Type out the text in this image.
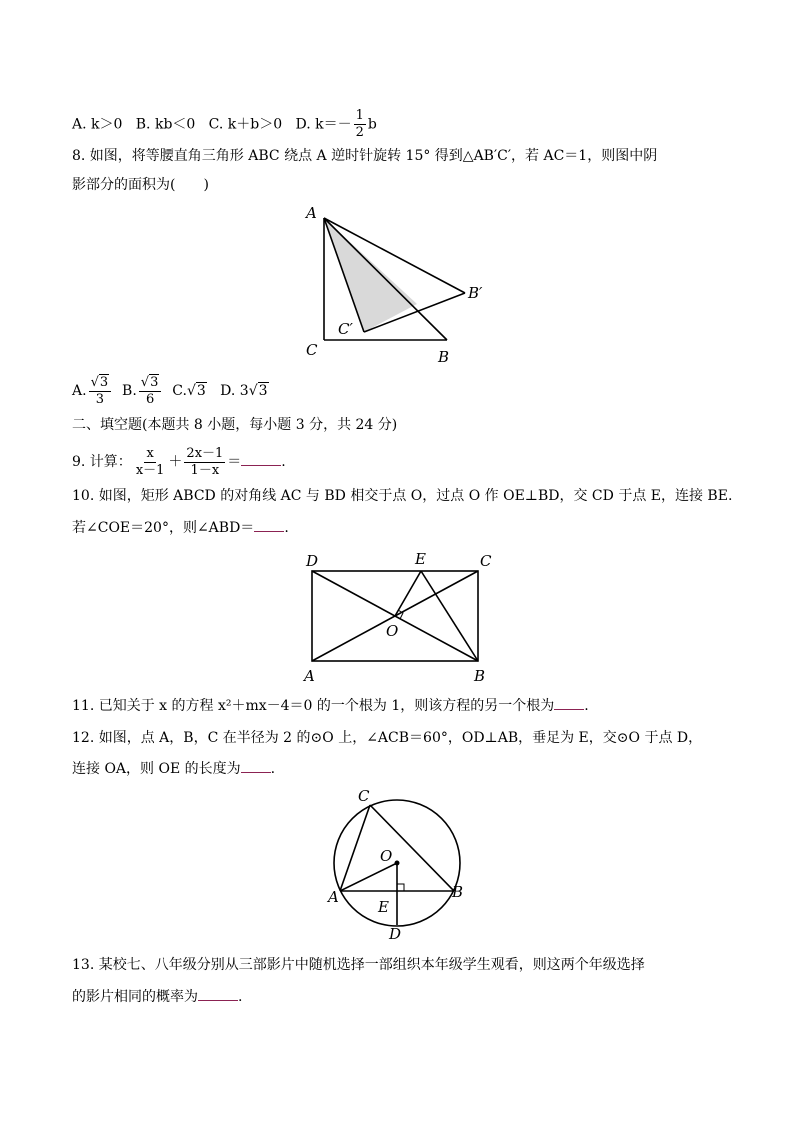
A. k＞0 B. kb＜0 C. k＋b＞0 D. $k=- \frac{1}{2}$ b
8. 如图，将等腰直角三角形 ABC 绕点 A 逆时针旋转 15° 得到△AB′C′，若 AC＝1，则图中阴
影部分的面积为(　　)
A
C	B
B′
C′
A. $\frac{√3}{3} B$. $\frac{√3}{6} C.√3$ D. 3√3
二、填空题(本题共 8 小题，每小题 3 分，共 24 分)
9. 计算： $\frac{x}{x-1} + \frac{2x-1}{1-x}$ ＝	.
10. 如图，矩形 ABCD 的对角线 AC 与 BD 相交于点 O，过点 O 作 OE⊥BD，交 CD 于点 E，连接 BE.
若∠COE＝20°，则∠ABD＝ .
D	E	C
O
A	B
11. 已知关于 x 的方程 x²＋mx－4＝0 的一个根为 1，则该方程的另一个根为 .
12. 如图，点 A，B，C 在半径为 2 的⊙O 上，∠ACB＝60°，OD⊥AB，垂足为 E，交⊙O 于点 D，
连接 OA，则 OE 的长度为 .
C
O
A	B
E
D
13. 某校七、八年级分别从三部影片中随机选择一部组织本年级学生观看，则这两个年级选择
的影片相同的概率为	.
